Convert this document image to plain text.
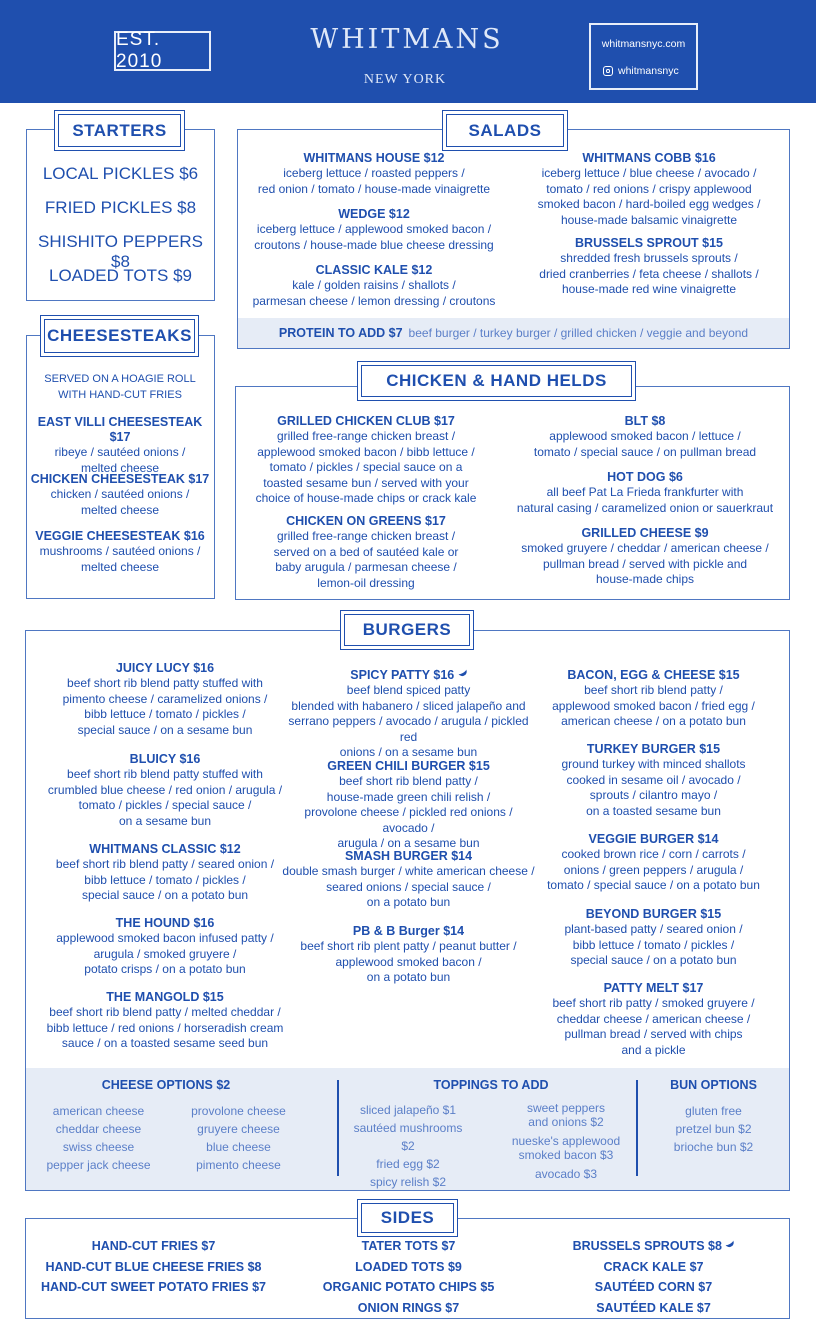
EST. 2010
WHITMANS
NEW YORK
whitmansnyc.com
whitmansnyc
LOCAL PICKLES $6
FRIED PICKLES $8
SHISHITO PEPPERS $8
LOADED TOTS $9
STARTERS
SERVED ON A HOAGIE ROLL
WITH HAND-CUT FRIES
EAST VILLI CHEESESTEAK $17
ribeye / sautéed onions /
melted cheese
CHICKEN CHEESESTEAK $17
chicken / sautéed onions /
melted cheese
VEGGIE CHEESESTEAK $16
mushrooms / sautéed onions /
melted cheese
CHEESESTEAKS
WHITMANS HOUSE $12
iceberg lettuce / roasted peppers /
red onion / tomato / house-made vinaigrette
WEDGE $12
iceberg lettuce / applewood smoked bacon /
croutons / house-made blue cheese dressing
CLASSIC KALE $12
kale / golden raisins / shallots /
parmesan cheese / lemon dressing / croutons
WHITMANS COBB $16
iceberg lettuce / blue cheese / avocado /
tomato / red onions / crispy applewood
smoked bacon / hard-boiled egg wedges /
house-made balsamic vinaigrette
BRUSSELS SPROUT $15
shredded fresh brussels sprouts /
dried cranberries / feta cheese / shallots /
house-made red wine vinaigrette
PROTEIN TO ADD $7 beef burger / turkey burger / grilled chicken / veggie and beyond
SALADS
GRILLED CHICKEN CLUB $17
grilled free-range chicken breast /
applewood smoked bacon / bibb lettuce /
tomato / pickles / special sauce on a
toasted sesame bun / served with your
choice of house-made chips or crack kale
CHICKEN ON GREENS $17
grilled free-range chicken breast /
served on a bed of sautéed kale or
baby arugula / parmesan cheese /
lemon-oil dressing
BLT $8
applewood smoked bacon / lettuce /
tomato / special sauce / on pullman bread
HOT DOG $6
all beef Pat La Frieda frankfurter with
natural casing / caramelized onion or sauerkraut
GRILLED CHEESE $9
smoked gruyere / cheddar / american cheese /
pullman bread / served with pickle and
house-made chips
CHICKEN & HAND HELDS
JUICY LUCY $16
beef short rib blend patty stuffed with
pimento cheese / caramelized onions /
bibb lettuce / tomato / pickles /
special sauce / on a sesame bun
BLUICY $16
beef short rib blend patty stuffed with
crumbled blue cheese / red onion / arugula /
tomato / pickles / special sauce /
on a sesame bun
WHITMANS CLASSIC $12
beef short rib blend patty / seared onion /
bibb lettuce / tomato / pickles /
special sauce / on a potato bun
THE HOUND $16
applewood smoked bacon infused patty /
arugula / smoked gruyere /
potato crisps / on a potato bun
THE MANGOLD $15
beef short rib blend patty / melted cheddar /
bibb lettuce / red onions / horseradish cream
sauce / on a toasted sesame seed bun
SPICY PATTY $16
beef blend spiced patty
blended with habanero / sliced jalapeño and
serrano peppers / avocado / arugula / pickled red
onions / on a sesame bun
GREEN CHILI BURGER $15
beef short rib blend patty /
house-made green chili relish /
provolone cheese / pickled red onions / avocado /
arugula / on a sesame bun
SMASH BURGER $14
double smash burger / white american cheese /
seared onions / special sauce /
on a potato bun
PB & B Burger $14
beef short rib plent patty / peanut butter /
applewood smoked bacon /
on a potato bun
BACON, EGG & CHEESE $15
beef short rib blend patty /
applewood smoked bacon / fried egg /
american cheese / on a potato bun
TURKEY BURGER $15
ground turkey with minced shallots
cooked in sesame oil / avocado /
sprouts / cilantro mayo /
on a toasted sesame bun
VEGGIE BURGER $14
cooked brown rice / corn / carrots /
onions / green peppers / arugula /
tomato / special sauce / on a potato bun
BEYOND BURGER $15
plant-based patty / seared onion /
bibb lettuce / tomato / pickles /
special sauce / on a potato bun
PATTY MELT $17
beef short rib patty / smoked gruyere /
cheddar cheese / american cheese /
pullman bread / served with chips
and a pickle
CHEESE OPTIONS $2
american cheese
cheddar cheese
swiss cheese
pepper jack cheese
provolone cheese
gruyere cheese
blue cheese
pimento cheese
TOPPINGS TO ADD
sliced jalapeño $1
sautéed mushrooms $2
fried egg $2
spicy relish $2
sweet peppers
and onions $2
nueske's applewood
smoked bacon $3
avocado $3
BUN OPTIONS
gluten free
pretzel bun $2
brioche bun $2
BURGERS
HAND-CUT FRIES $7
HAND-CUT BLUE CHEESE FRIES $8
HAND-CUT SWEET POTATO FRIES $7
TATER TOTS $7
LOADED TOTS $9
ORGANIC POTATO CHIPS $5
ONION RINGS $7
BRUSSELS SPROUTS $8
CRACK KALE $7
SAUTÉED CORN $7
SAUTÉED KALE $7
SIDES
